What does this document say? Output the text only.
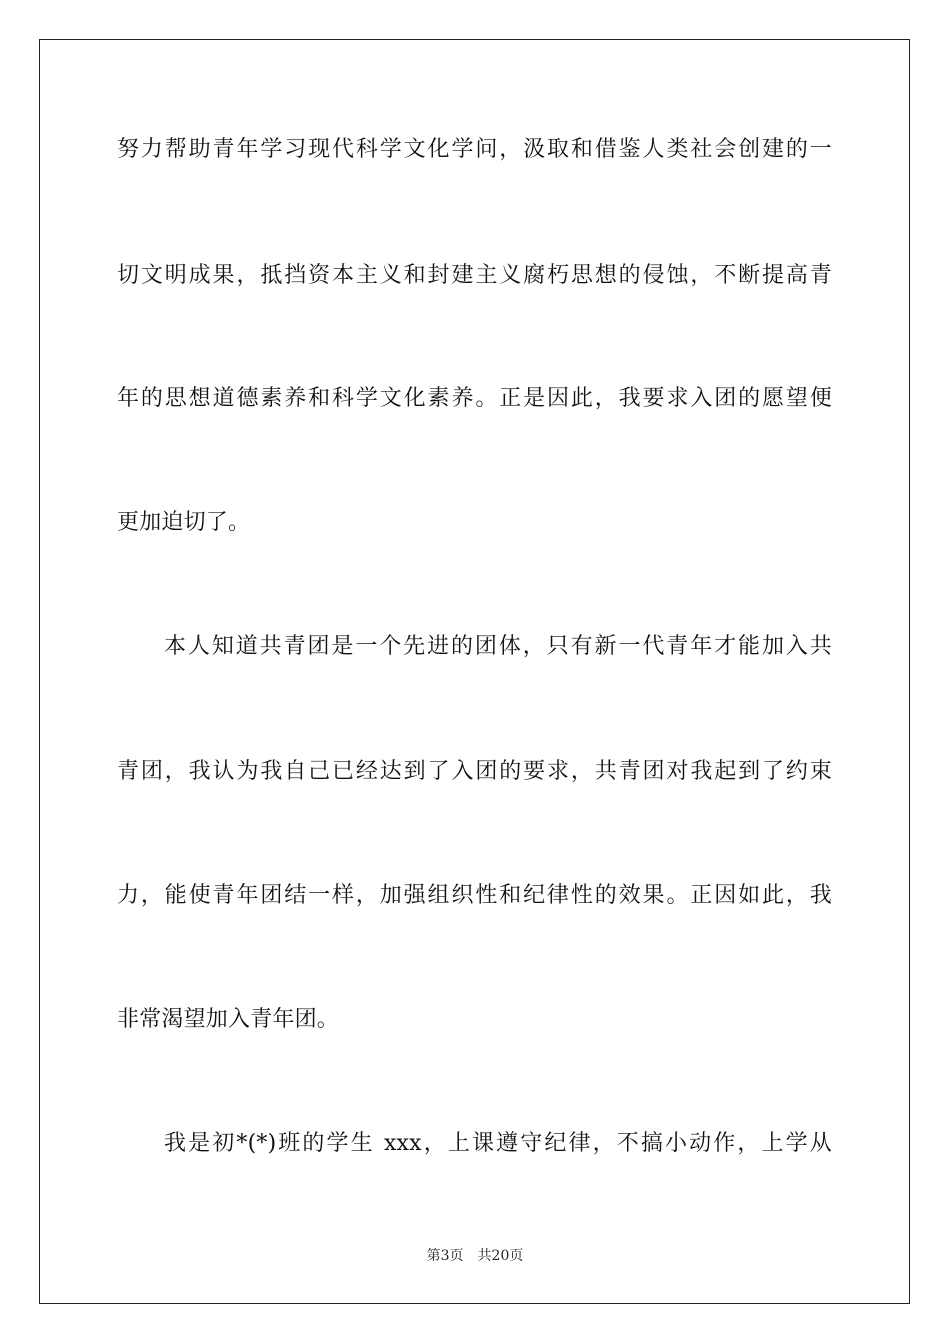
努力帮助青年学习现代科学文化学问，汲取和借鉴人类社会创建的一
切文明成果，抵挡资本主义和封建主义腐朽思想的侵蚀，不断提高青
年的思想道德素养和科学文化素养。正是因此，我要求入团的愿望便
更加迫切了。
本人知道共青团是一个先进的团体，只有新一代青年才能加入共
青团，我认为我自己已经达到了入团的要求，共青团对我起到了约束
力，能使青年团结一样，加强组织性和纪律性的效果。正因如此，我
非常渴望加入青年团。
我是初*(*)班的学生 xxx，上课遵守纪律，不搞小动作，上学从
第3页 共20页
